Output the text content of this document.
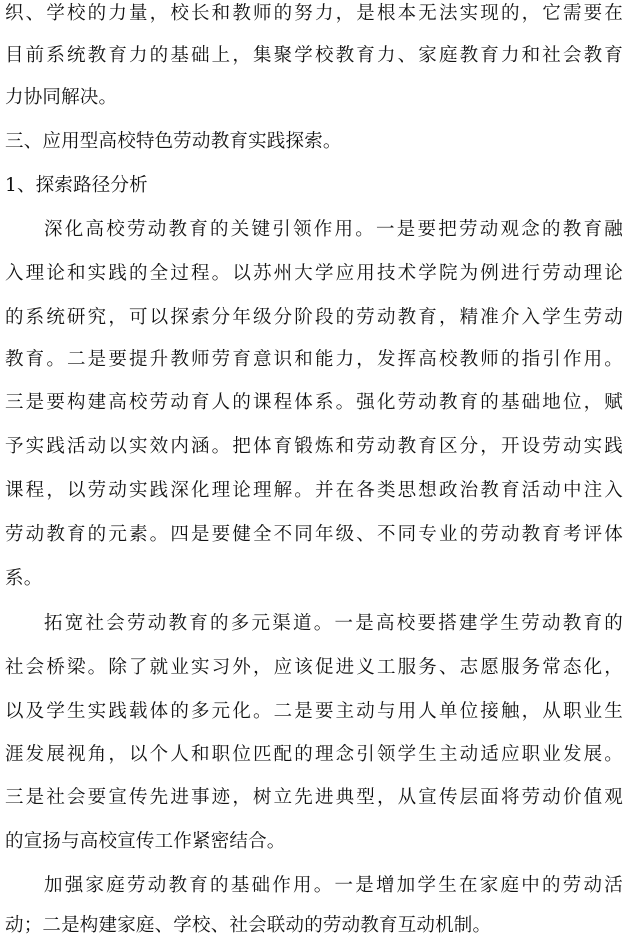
织、学校的力量，校长和教师的努力，是根本无法实现的，它需要在
目前系统教育力的基础上，集聚学校教育力、家庭教育力和社会教育
力协同解决。
三、应用型高校特色劳动教育实践探索。
1、探索路径分析
深化高校劳动教育的关键引领作用。一是要把劳动观念的教育融
入理论和实践的全过程。以苏州大学应用技术学院为例进行劳动理论
的系统研究，可以探索分年级分阶段的劳动教育，精准介入学生劳动
教育。二是要提升教师劳育意识和能力，发挥高校教师的指引作用。
三是要构建高校劳动育人的课程体系。强化劳动教育的基础地位，赋
予实践活动以实效内涵。把体育锻炼和劳动教育区分，开设劳动实践
课程，以劳动实践深化理论理解。并在各类思想政治教育活动中注入
劳动教育的元素。四是要健全不同年级、不同专业的劳动教育考评体
系。
拓宽社会劳动教育的多元渠道。一是高校要搭建学生劳动教育的
社会桥梁。除了就业实习外，应该促进义工服务、志愿服务常态化，
以及学生实践载体的多元化。二是要主动与用人单位接触，从职业生
涯发展视角，以个人和职位匹配的理念引领学生主动适应职业发展。
三是社会要宣传先进事迹，树立先进典型，从宣传层面将劳动价值观
的宣扬与高校宣传工作紧密结合。
加强家庭劳动教育的基础作用。一是增加学生在家庭中的劳动活
动；二是构建家庭、学校、社会联动的劳动教育互动机制。
